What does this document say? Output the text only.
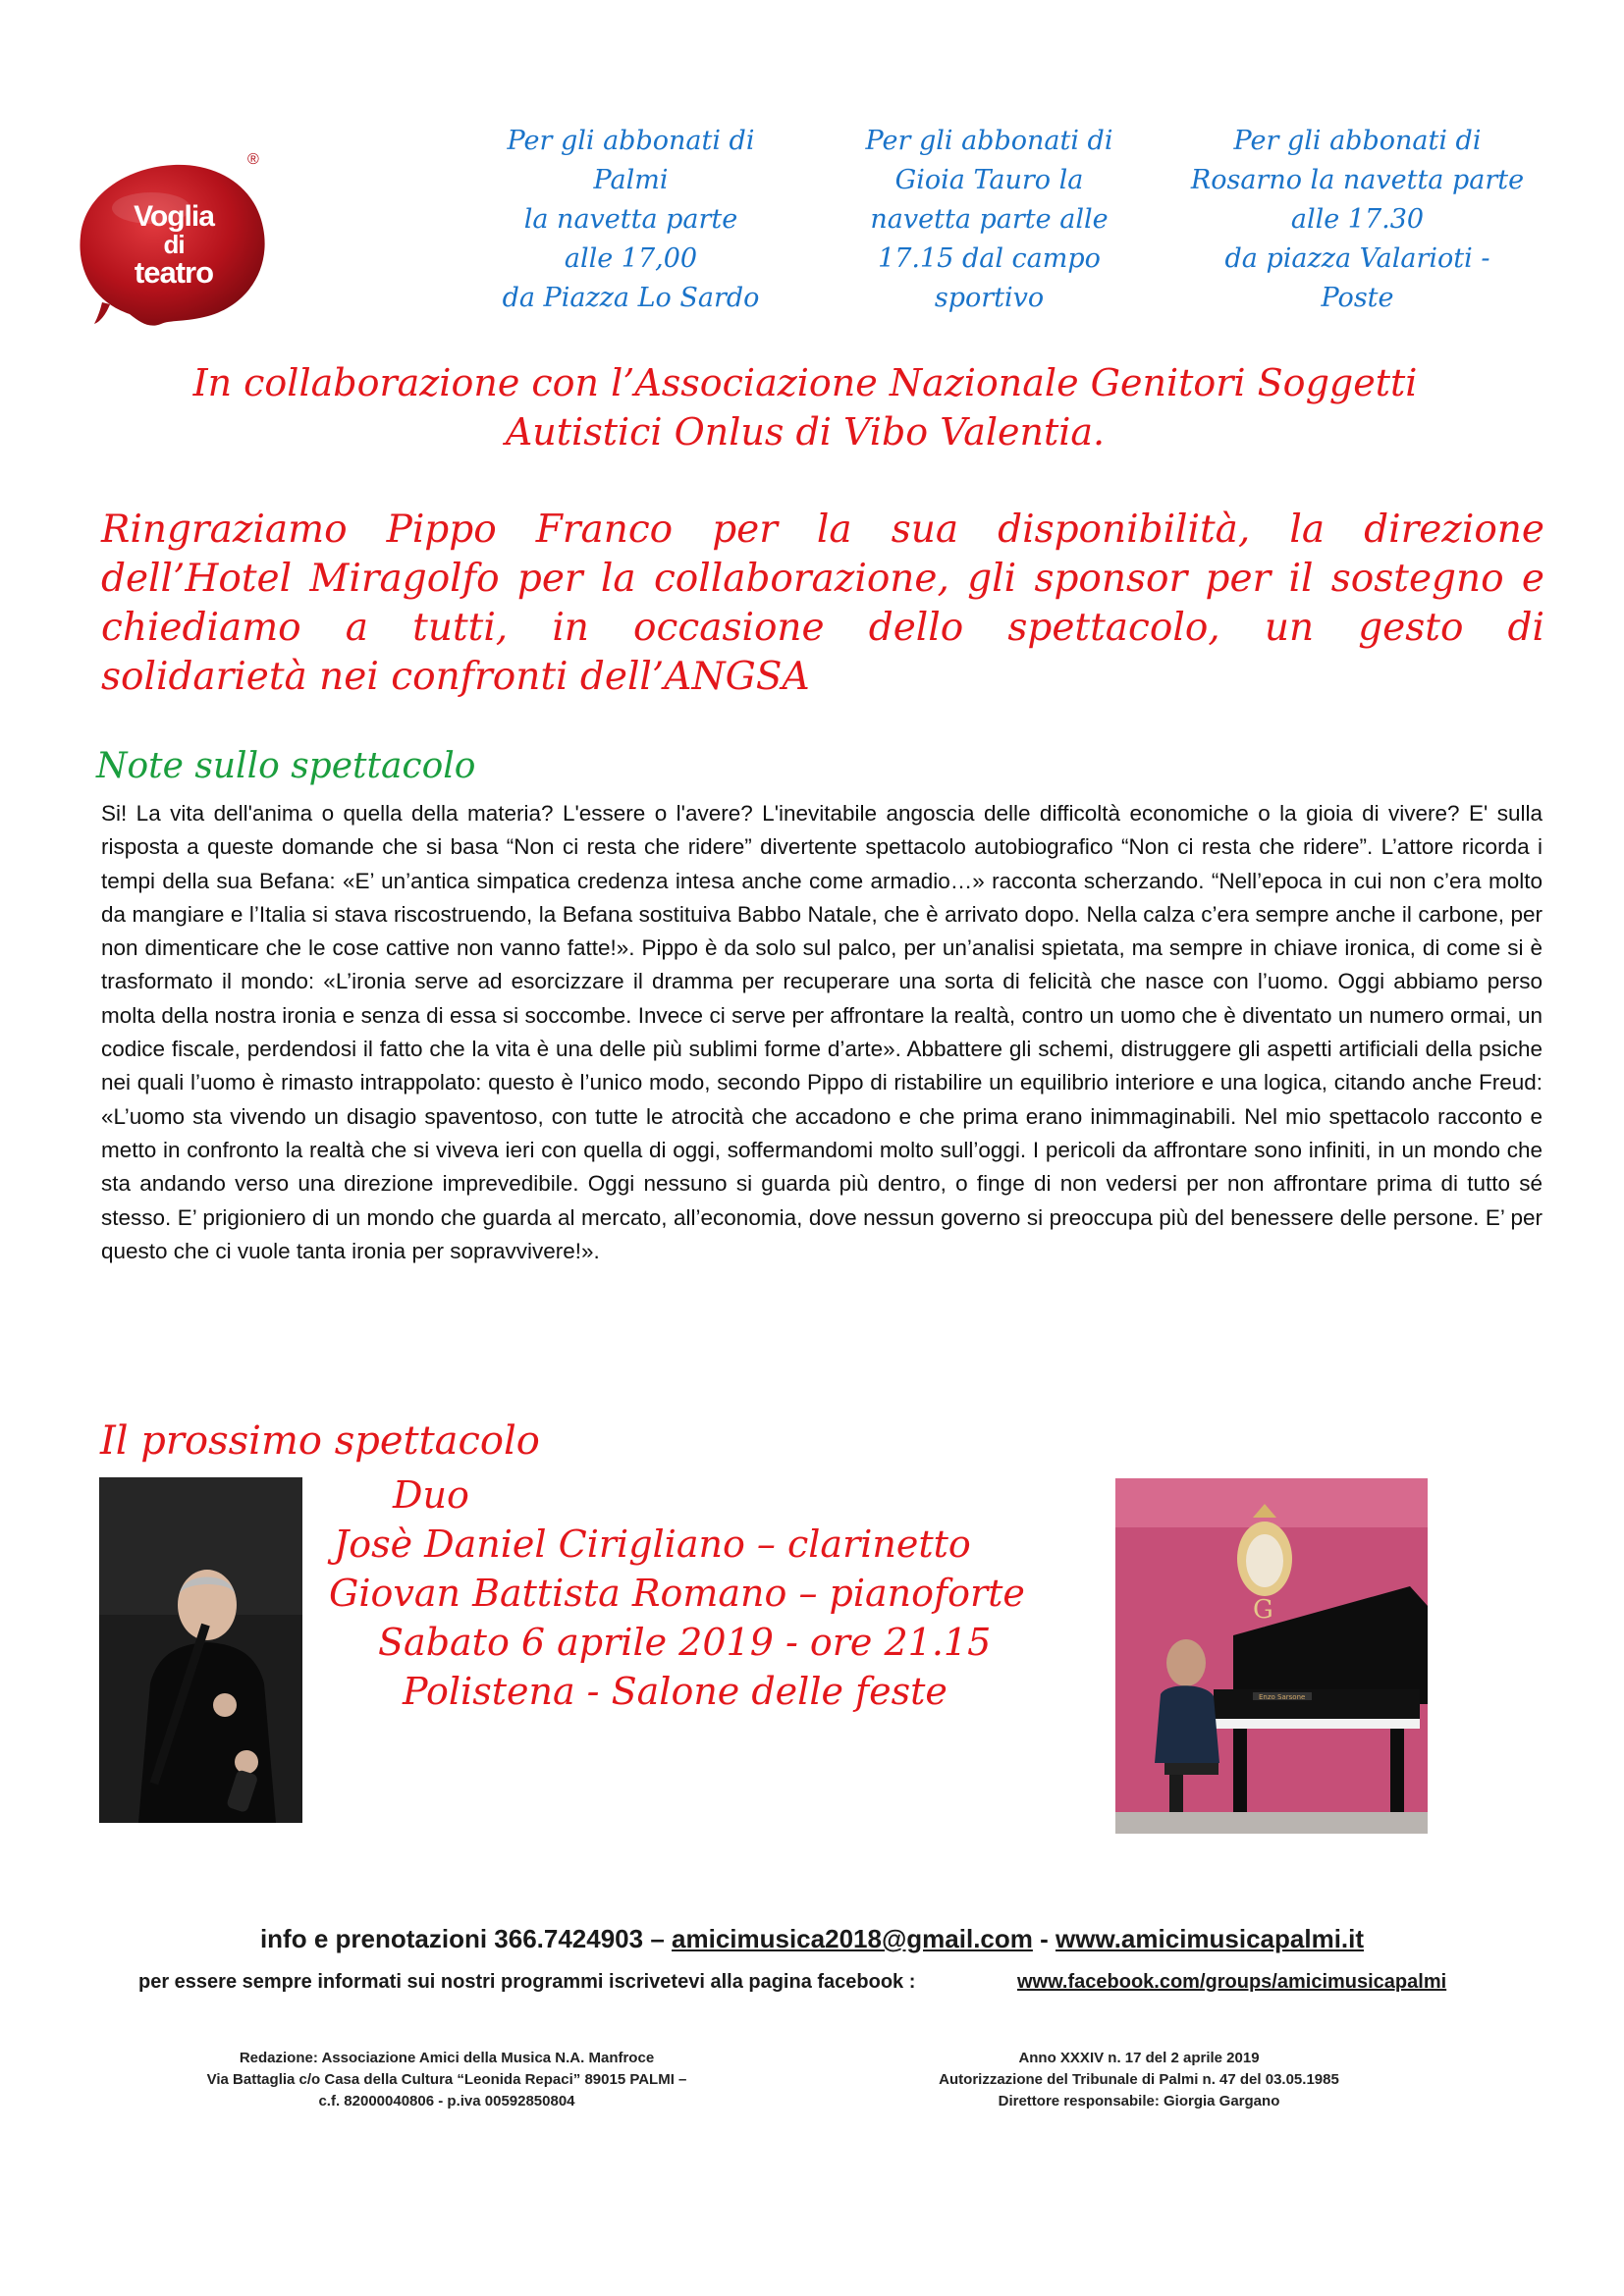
Voglia
di
teatro
®
Per gli abbonati di
Palmi
la navetta parte
alle 17,00
da Piazza Lo Sardo
Per gli abbonati di
Gioia Tauro la
navetta parte alle
17.15 dal campo
sportivo
Per gli abbonati di
Rosarno la navetta parte
alle 17.30
da piazza Valarioti -
Poste
In collaborazione con l’Associazione Nazionale Genitori Soggetti
Autistici Onlus di Vibo Valentia.
Ringraziamo Pippo Franco per la sua disponibilità, la direzione
dell’Hotel Miragolfo per la collaborazione, gli sponsor per il sostegno e
chiediamo a tutti, in occasione dello spettacolo, un gesto di
solidarietà nei confronti dell’ANGSA
Note sullo spettacolo
Si! La vita dell'anima o quella della materia? L'essere o l'avere? L'inevitabile angoscia delle difficoltà economiche o la gioia di vivere? E' sulla risposta a queste domande che si basa “Non ci resta che ridere” divertente spettacolo autobiografico “Non ci resta che ridere”. L’attore ricorda i tempi della sua Befana: «E’ un’antica simpatica credenza intesa anche come armadio…» racconta scherzando. “Nell’epoca in cui non c’era molto da mangiare e l’Italia si stava riscostruendo, la Befana sostituiva Babbo Natale, che è arrivato dopo. Nella calza c’era sempre anche il carbone, per non dimenticare che le cose cattive non vanno fatte!». Pippo è da solo sul palco, per un’analisi spietata, ma sempre in chiave ironica, di come si è trasformato il mondo: «L’ironia serve ad esorcizzare il dramma per recuperare una sorta di felicità che nasce con l’uomo. Oggi abbiamo perso molta della nostra ironia e senza di essa si soccombe. Invece ci serve per affrontare la realtà, contro un uomo che è diventato un numero ormai, un codice fiscale, perdendosi il fatto che la vita è una delle più sublimi forme d’arte». Abbattere gli schemi, distruggere gli aspetti artificiali della psiche nei quali l’uomo è rimasto intrappolato: questo è l’unico modo, secondo Pippo di ristabilire un equilibrio interiore e una logica, citando anche Freud: «L’uomo sta vivendo un disagio spaventoso, con tutte le atrocità che accadono e che prima erano inimmaginabili. Nel mio spettacolo racconto e metto in confronto la realtà che si viveva ieri con quella di oggi, soffermandomi molto sull’oggi. I pericoli da affrontare sono infiniti, in un mondo che sta andando verso una direzione imprevedibile. Oggi nessuno si guarda più dentro, o finge di non vedersi per non affrontare prima di tutto sé stesso. E’ prigioniero di un mondo che guarda al mercato, all’economia, dove nessun governo si preoccupa più del benessere delle persone. E’ per questo che ci vuole tanta ironia per sopravvivere!».
Il prossimo spettacolo
Duo
Josè Daniel Cirigliano – clarinetto
Giovan Battista Romano – pianoforte
Sabato 6 aprile 2019 - ore 21.15
Polistena - Salone delle feste
G
Enzo Sarsone
info e prenotazioni 366.7424903 – amicimusica2018@gmail.com - www.amicimusicapalmi.it
per essere sempre informati sui nostri programmi iscrivetevi alla pagina facebook :	www.facebook.com/groups/amicimusicapalmi
Redazione: Associazione Amici della Musica N.A. Manfroce
Via Battaglia c/o Casa della Cultura “Leonida Repaci” 89015 PALMI –
c.f. 82000040806 - p.iva 00592850804
Anno XXXIV n. 17 del 2 aprile 2019
Autorizzazione del Tribunale di Palmi n. 47 del 03.05.1985
Direttore responsabile: Giorgia Gargano
